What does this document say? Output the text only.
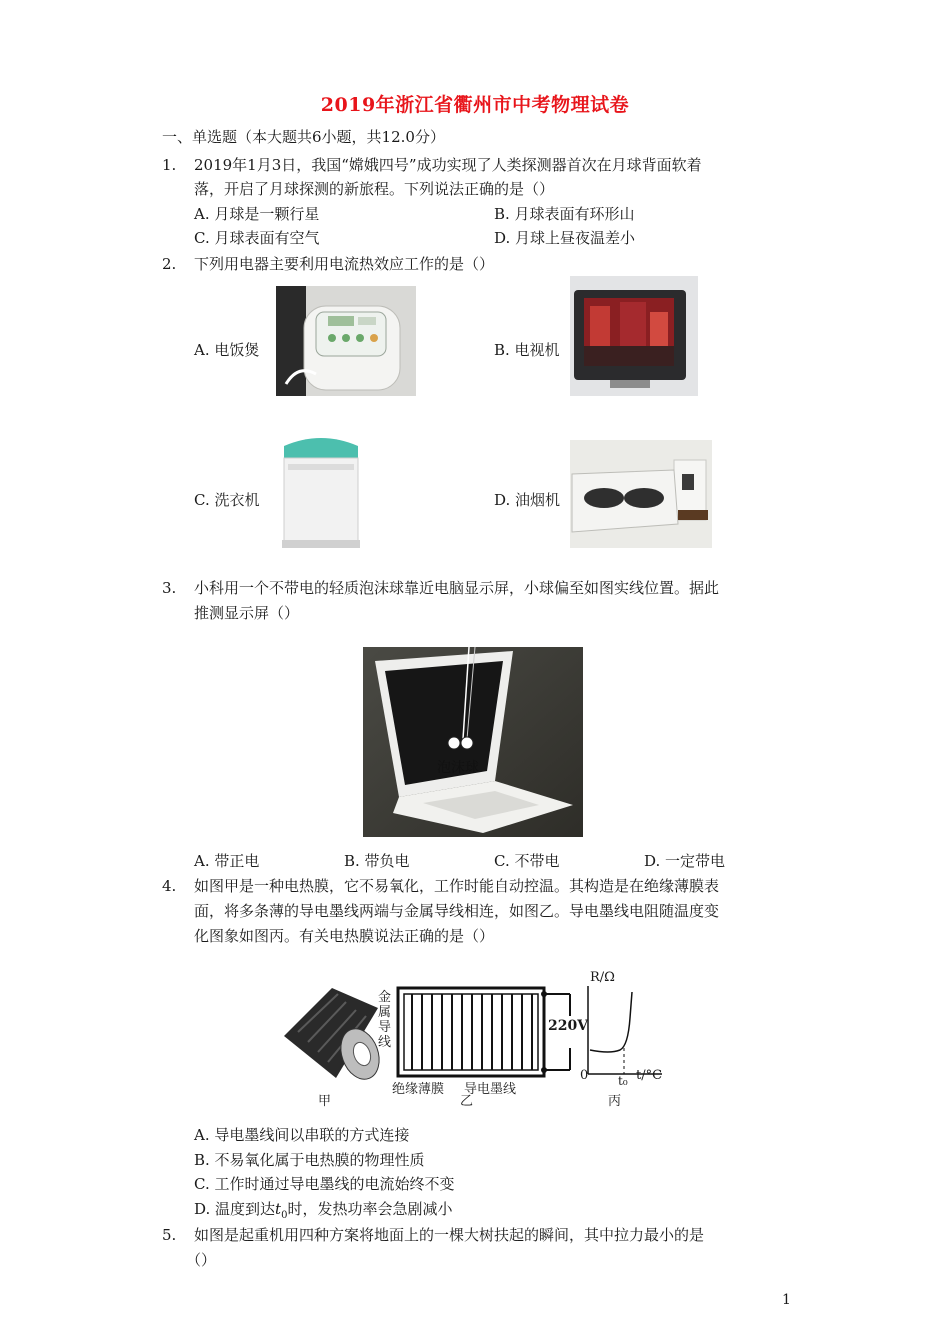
2019年浙江省衢州市中考物理试卷
一、单选题（本大题共6小题，共12.0分）
1.	2019年1月3日，我国“嫦娥四号”成功实现了人类探测器首次在月球背面软着
落，开启了月球探测的新旅程。下列说法正确的是（）
A. 月球是一颗行星	B. 月球表面有环形山
C. 月球表面有空气	D. 月球上昼夜温差小
2.	下列用电器主要利用电流热效应工作的是（）
A. 电饭煲	B. 电视机
C. 洗衣机	D. 油烟机
3.	小科用一个不带电的轻质泡沫球靠近电脑显示屏，小球偏至如图实线位置。据此
推测显示屏（）
泡沫球
A. 带正电	B. 带负电	C. 不带电	D. 一定带电
4.	如图甲是一种电热膜，它不易氧化，工作时能自动控温。其构造是在绝缘薄膜表
面，将多条薄的导电墨线两端与金属导线相连，如图乙。导电墨线电阻随温度变
化图象如图丙。有关电热膜说法正确的是（）
金属导线
220V
绝缘薄膜 导电墨线
甲	乙	丙
R/Ω
0 t₀ t/°C
A. 导电墨线间以串联的方式连接
B. 不易氧化属于电热膜的物理性质
C. 工作时通过导电墨线的电流始终不变
D. 温度到达$t_0$时，发热功率会急剧减小
5.	如图是起重机用四种方案将地面上的一棵大树扶起的瞬间，其中拉力最小的是
（）
1
